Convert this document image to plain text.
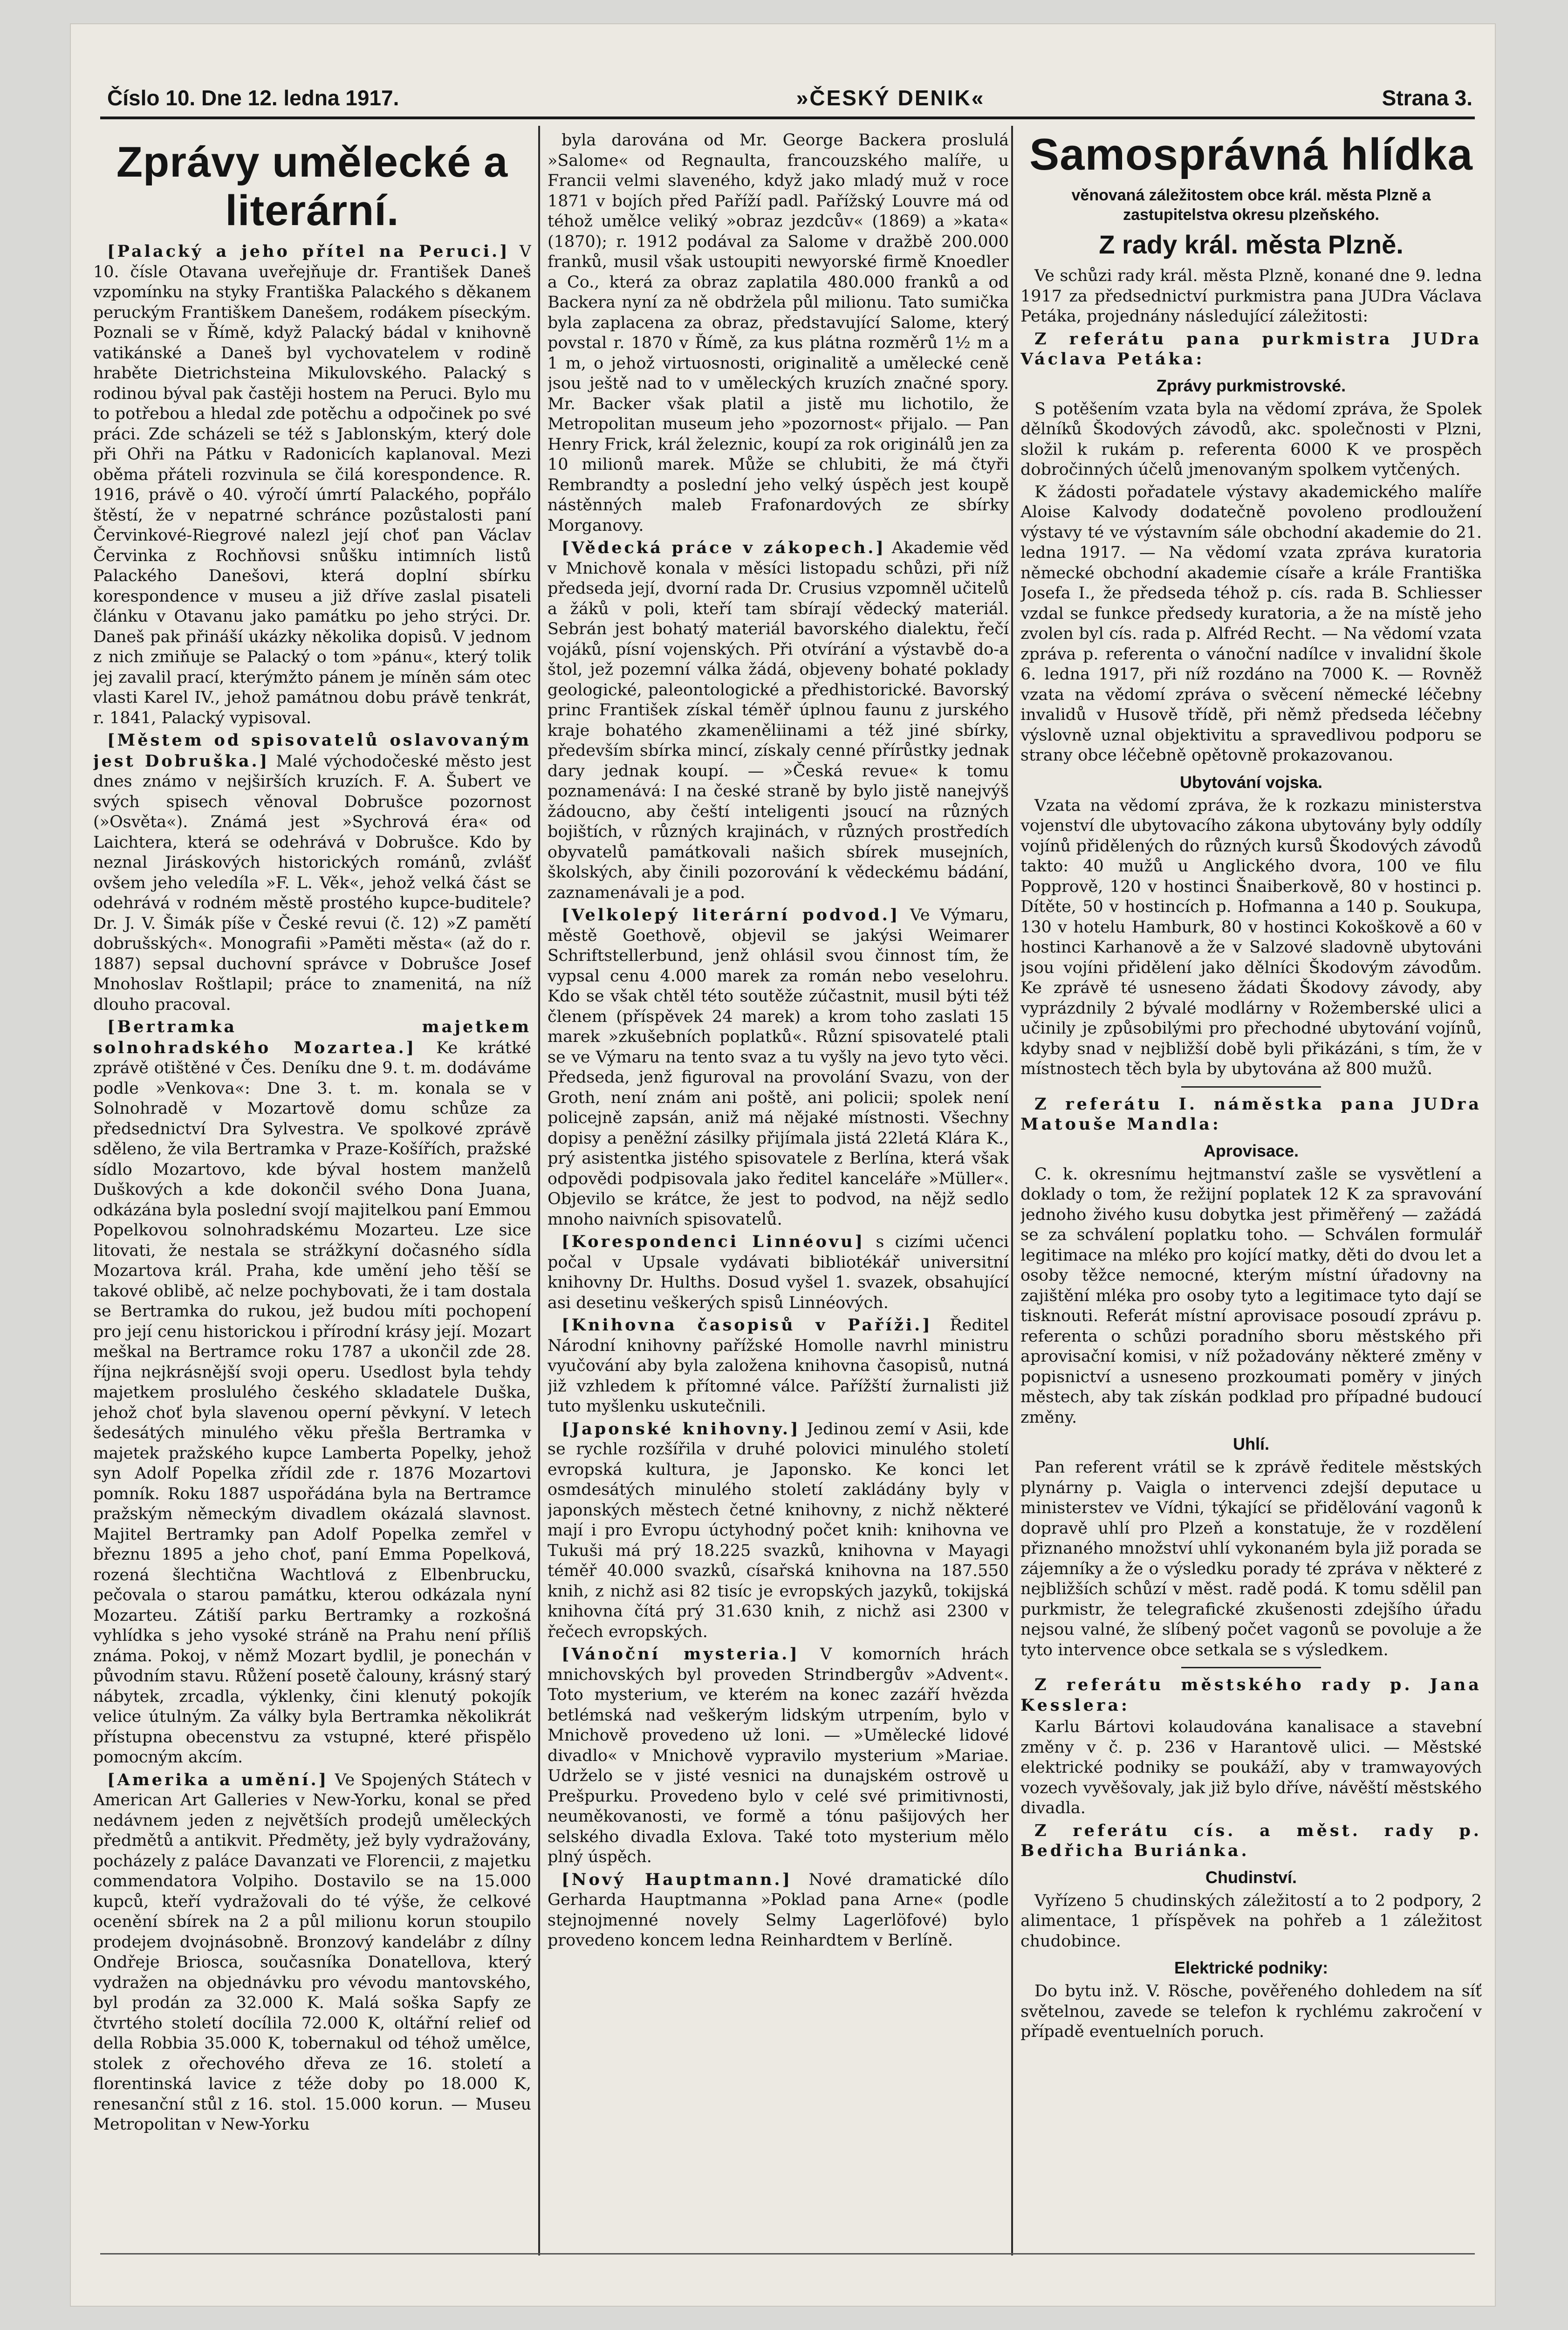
Číslo 10. Dne 12. ledna 1917.	»ČESKÝ DENIK«	Strana 3.
Zprávy umělecké a literární.

[Palacký a jeho přítel na Peruci.] V 10. čísle Otavana uveřejňuje dr. František Daneš vzpomínku na styky Františka Palackého s děkanem peruckým Františkem Danešem, rodákem píseckým. Poznali se v Římě, když Palacký bádal v knihovně vatikánské a Daneš byl vychovatelem v rodině hraběte Dietrichsteina Mikulovského. Palacký s rodinou býval pak častěji hostem na Peruci. Bylo mu to potřebou a hledal zde potěchu a odpočinek po své práci. Zde scházeli se též s Jablonským, který dole při Ohři na Pátku v Radonicích kaplanoval. Mezi oběma přáteli rozvinula se čilá korespondence. R. 1916, právě o 40. výročí úmrtí Palackého, popřálo štěstí, že v nepatrné schránce pozůstalosti paní Červinkové-Riegrové nalezl její choť pan Václav Červinka z Rochňovsi snůšku intimních listů Palackého Danešovi, která doplní sbírku korespondence v museu a již dříve zaslal pisateli článku v Otavanu jako památku po jeho strýci. Dr. Daneš pak přináší ukázky několika dopisů. V jednom z nich zmiňuje se Palacký o tom »pánu«, který tolik jej zavalil prací, kterýmžto pánem je míněn sám otec vlasti Karel IV., jehož památnou dobu právě tenkrát, r. 1841, Palacký vypisoval.

[Městem od spisovatelů oslavovaným jest Dobruška.] Malé východočeské město jest dnes známo v nejširších kruzích. F. A. Šubert ve svých spisech věnoval Dobrušce pozornost (»Osvěta«). Známá jest »Sychrová éra« od Laichtera, která se odehrává v Dobrušce. Kdo by neznal Jiráskových historických románů, zvlášť ovšem jeho veledíla »F. L. Věk«, jehož velká část se odehrává v rodném městě prostého kupce-buditele? Dr. J. V. Šimák píše v České revui (č. 12) »Z pamětí dobrušských«. Monografii »Paměti města« (až do r. 1887) sepsal duchovní správce v Dobrušce Josef Mnohoslav Roštlapil; práce to znamenitá, na níž dlouho pracoval.

[Bertramka majetkem solnohradského Mozartea.] Ke krátké zprávě otištěné v Čes. Deníku dne 9. t. m. dodáváme podle »Venkova«: Dne 3. t. m. konala se v Solnohradě v Mozartově domu schůze za předsednictví Dra Sylvestra. Ve spolkové zprávě sděleno, že vila Bertramka v Praze-Košířích, pražské sídlo Mozartovo, kde býval hostem manželů Duškových a kde dokončil svého Dona Juana, odkázána byla poslední svojí majitelkou paní Emmou Popelkovou solnohradskému Mozarteu. Lze sice litovati, že nestala se strážkyní dočasného sídla Mozartova král. Praha, kde umění jeho těší se takové oblibě, ač nelze pochybovati, že i tam dostala se Bertramka do rukou, jež budou míti pochopení pro její cenu historickou i přírodní krásy její. Mozart meškal na Bertramce roku 1787 a ukončil zde 28. října nejkrásnější svoji operu. Usedlost byla tehdy majetkem proslulého českého skladatele Duška, jehož choť byla slavenou operní pěvkyní. V letech šedesátých minulého věku přešla Bertramka v majetek pražského kupce Lamberta Popelky, jehož syn Adolf Popelka zřídil zde r. 1876 Mozartovi pomník. Roku 1887 uspořádána byla na Bertramce pražským německým divadlem okázalá slavnost. Majitel Bertramky pan Adolf Popelka zemřel v březnu 1895 a jeho choť, paní Emma Popelková, rozená šlechtična Wachtlová z Elbenbrucku, pečovala o starou památku, kterou odkázala nyní Mozarteu. Zátiší parku Bertramky a rozkošná vyhlídka s jeho vysoké stráně na Prahu není příliš známa. Pokoj, v němž Mozart bydlil, je ponechán v původním stavu. Růžení posetě čalouny, krásný starý nábytek, zrcadla, výklenky, čini klenutý pokojík velice útulným. Za války byla Bertramka několikrát přístupna obecenstvu za vstupné, které přispělo pomocným akcím.

[Amerika a umění.] Ve Spojených Státech v American Art Galleries v New-Yorku, konal se před nedávnem jeden z největších prodejů uměleckých předmětů a antikvit. Předměty, jež byly vydražovány, pocházely z paláce Davanzati ve Florencii, z majetku commendatora Volpiho. Dostavilo se na 15.000 kupců, kteří vydražovali do té výše, že celkové ocenění sbírek na 2 a půl milionu korun stoupilo prodejem dvojnásobně. Bronzový kandelábr z dílny Ondřeje Briosca, současníka Donatellova, který vydražen na objednávku pro vévodu mantovského, byl prodán za 32.000 K. Malá soška Sapfy ze čtvrtého století docílila 72.000 K, oltářní relief od della Robbia 35.000 K, tobernakul od téhož umělce, stolek z ořechového dřeva ze 16. století a florentinská lavice z téže doby po 18.000 K, renesanční stůl z 16. stol. 15.000 korun. — Museu Metropolitan v New-Yorku

byla darována od Mr. George Backera proslulá »Salome« od Regnaulta, francouzského malíře, u Francii velmi slaveného, když jako mladý muž v roce 1871 v bojích před Paříží padl. Pařížský Louvre má od téhož umělce veliký »obraz jezdcův« (1869) a »kata« (1870); r. 1912 podával za Salome v dražbě 200.000 franků, musil však ustoupiti newyorské firmě Knoedler a Co., která za obraz zaplatila 480.000 franků a od Backera nyní za ně obdržela půl milionu. Tato sumička byla zaplacena za obraz, představující Salome, který povstal r. 1870 v Římě, za kus plátna rozměrů 1½ m a 1 m, o jehož virtuosnosti, originalitě a umělecké ceně jsou ještě nad to v uměleckých kruzích značné spory. Mr. Backer však platil a jistě mu lichotilo, že Metropolitan museum jeho »pozornost« přijalo. — Pan Henry Frick, král železnic, koupí za rok originálů jen za 10 milionů marek. Může se chlubiti, že má čtyři Rembrandty a poslední jeho velký úspěch jest koupě nástěnných maleb Frafonardových ze sbírky Morganovy.

[Vědecká práce v zákopech.] Akademie věd v Mnichově konala v měsíci listopadu schůzi, při níž předseda její, dvorní rada Dr. Crusius vzpomněl učitelů a žáků v poli, kteří tam sbírají vědecký materiál. Sebrán jest bohatý materiál bavorského dialektu, řečí vojáků, písní vojenských. Při otvírání a výstavbě do-a štol, jež pozemní válka žádá, objeveny bohaté poklady geologické, paleontologické a předhistorické. Bavorský princ František získal téměř úplnou faunu z jurského kraje bohatého zkameněliinami a též jiné sbírky, především sbírka mincí, získaly cenné přírůstky jednak dary jednak koupí. — »Česká revue« k tomu poznamenává: I na české straně by bylo jistě nanejvýš žádoucno, aby čeští inteligenti jsoucí na různých bojištích, v různých krajinách, v různých prostředích obyvatelů památkovali našich sbírek musejních, školských, aby činili pozorování k vědeckému bádání, zaznamenávali je a pod.

[Velkolepý literární podvod.] Ve Výmaru, městě Goethově, objevil se jakýsi Weimarer Schriftstellerbund, jenž ohlásil svou činnost tím, že vypsal cenu 4.000 marek za román nebo veselohru. Kdo se však chtěl této soutěže zúčastnit, musil býti též členem (příspěvek 24 marek) a krom toho zaslati 15 marek »zkušebních poplatků«. Různí spisovatelé ptali se ve Výmaru na tento svaz a tu vyšly na jevo tyto věci. Předseda, jenž figuroval na provolání Svazu, von der Groth, není znám ani poště, ani policii; spolek není policejně zapsán, aniž má nějaké místnosti. Všechny dopisy a peněžní zásilky přijímala jistá 22letá Klára K., prý asistentka jistého spisovatele z Berlína, která však odpovědi podpisovala jako ředitel kanceláře »Müller«. Objevilo se krátce, že jest to podvod, na nějž sedlo mnoho naivních spisovatelů.

[Korespondenci Linnéovu] s cizími učenci počal v Upsale vydávati bibliotékář universitní knihovny Dr. Hulths. Dosud vyšel 1. svazek, obsahující asi desetinu veškerých spisů Linnéových.

[Knihovna časopisů v Paříži.] Ředitel Národní knihovny pařížské Homolle navrhl ministru vyučování aby byla založena knihovna časopisů, nutná již vzhledem k přítomné válce. Pařížští žurnalisti již tuto myšlenku uskutečnili.

[Japonské knihovny.] Jedinou zemí v Asii, kde se rychle rozšířila v druhé polovici minulého století evropská kultura, je Japonsko. Ke konci let osmdesátých minulého století zakládány byly v japonských městech četné knihovny, z nichž některé mají i pro Evropu úctyhodný počet knih: knihovna ve Tukuši má prý 18.225 svazků, knihovna v Mayagi téměř 40.000 svazků, císařská knihovna na 187.550 knih, z nichž asi 82 tisíc je evropských jazyků, tokijská knihovna čítá prý 31.630 knih, z nichž asi 2300 v řečech evropských.

[Vánoční mysteria.] V komorních hrách mnichovských byl proveden Strindbergův »Advent«. Toto mysterium, ve kterém na konec zazáří hvězda betlémská nad veškerým lidským utrpením, bylo v Mnichově provedeno už loni. — »Umělecké lidové divadlo« v Mnichově vypravilo mysterium »Mariae. Udrželo se v jisté vesnici na dunajském ostrově u Prešpurku. Provedeno bylo v celé své primitivnosti, neuměkovanosti, ve formě a tónu pašijových her selského divadla Exlova. Také toto mysterium mělo plný úspěch.

[Nový Hauptmann.] Nové dramatické dílo Gerharda Hauptmanna »Poklad pana Arne« (podle stejnojmenné novely Selmy Lagerlöfové) bylo provedeno koncem ledna Reinhardtem v Berlíně.

Samosprávná hlídka
věnovaná záležitostem obce král. města Plzně a zastupitelstva okresu plzeňského.
Z rady král. města Plzně.

Ve schůzi rady král. města Plzně, konané dne 9. ledna 1917 za předsednictví purkmistra pana JUDra Václava Petáka, projednány následující záležitosti:

Z referátu pana purkmistra JUDra Václava Petáka:

Zprávy purkmistrovské.

S potěšením vzata byla na vědomí zpráva, že Spolek dělníků Škodových závodů, akc. společnosti v Plzni, složil k rukám p. referenta 6000 K ve prospěch dobročinných účelů jmenovaným spolkem vytčených.

K žádosti pořadatele výstavy akademického malíře Aloise Kalvody dodatečně povoleno prodloužení výstavy té ve výstavním sále obchodní akademie do 21. ledna 1917. — Na vědomí vzata zpráva kuratoria německé obchodní akademie císaře a krále Františka Josefa I., že předseda téhož p. cís. rada B. Schliesser vzdal se funkce předsedy kuratoria, a že na místě jeho zvolen byl cís. rada p. Alfréd Recht. — Na vědomí vzata zpráva p. referenta o vánoční nadílce v invalidní škole 6. ledna 1917, při níž rozdáno na 7000 K. — Rovněž vzata na vědomí zpráva o svěcení německé léčebny invalidů v Husově třídě, při němž předseda léčebny výslovně uznal objektivitu a spravedlivou podporu se strany obce léčebně opětovně prokazovanou.

Ubytování vojska.

Vzata na vědomí zpráva, že k rozkazu ministerstva vojenství dle ubytovacího zákona ubytovány byly oddíly vojínů přidělených do různých kursů Škodových závodů takto: 40 mužů u Anglického dvora, 100 ve filu Popprově, 120 v hostinci Šnaiberkově, 80 v hostinci p. Dítěte, 50 v hostincích p. Hofmanna a 140 p. Soukupa, 130 v hotelu Hamburk, 80 v hostinci Kokoškově a 60 v hostinci Karhanově a že v Salzové sladovně ubytováni jsou vojíni přidělení jako dělníci Škodovým závodům. Ke zprávě té usneseno žádati Škodovy závody, aby vyprázdnily 2 bývalé modlárny v Rožemberské ulici a učinily je způsobilými pro přechodné ubytování vojínů, kdyby snad v nejbližší době byli přikázáni, s tím, že v místnostech těch byla by ubytována až 800 mužů.

Z referátu I. náměstka pana JUDra Matouše Mandla:

Aprovisace.

C. k. okresnímu hejtmanství zašle se vysvětlení a doklady o tom, že režijní poplatek 12 K za spravování jednoho živého kusu dobytka jest přiměřený — zažádá se za schválení poplatku toho. — Schválen formulář legitimace na mléko pro kojící matky, děti do dvou let a osoby těžce nemocné, kterým místní úřadovny na zajištění mléka pro osoby tyto a legitimace tyto dají se tisknouti. Referát místní aprovisace posoudí zprávu p. referenta o schůzi poradního sboru městského při aprovisační komisi, v níž požadovány některé změny v popisnictví a usneseno prozkoumati poměry v jiných městech, aby tak získán podklad pro případné budoucí změny.

Uhlí.

Pan referent vrátil se k zprávě ředitele městských plynárny p. Vaigla o intervenci zdejší deputace u ministerstev ve Vídni, týkající se přidělování vagonů k dopravě uhlí pro Plzeň a konstatuje, že v rozdělení přiznaného množství uhlí vykonaném byla již porada se zájemníky a že o výsledku porady té zpráva v některé z nejbližších schůzí v měst. radě podá. K tomu sdělil pan purkmistr, že telegrafické zkušenosti zdejšího úřadu nejsou valné, že slíbený počet vagonů se povoluje a že tyto intervence obce setkala se s výsledkem.

Z referátu městského rady p. Jana Kesslera:

Karlu Bártovi kolaudována kanalisace a stavební změny v č. p. 236 v Harantově ulici. — Městské elektrické podniky se poukáží, aby v tramwayových vozech vyvěšovaly, jak již bylo dříve, návěští městského divadla.

Z referátu cís. a měst. rady p. Bedřicha Buriánka.

Chudinství.

Vyřízeno 5 chudinských záležitostí a to 2 podpory, 2 alimentace, 1 příspěvek na pohřeb a 1 záležitost chudobince.

Elektrické podniky:

Do bytu inž. V. Rösche, pověřeného dohledem na síť světelnou, zavede se telefon k rychlému zakročení v případě eventuelních poruch.
